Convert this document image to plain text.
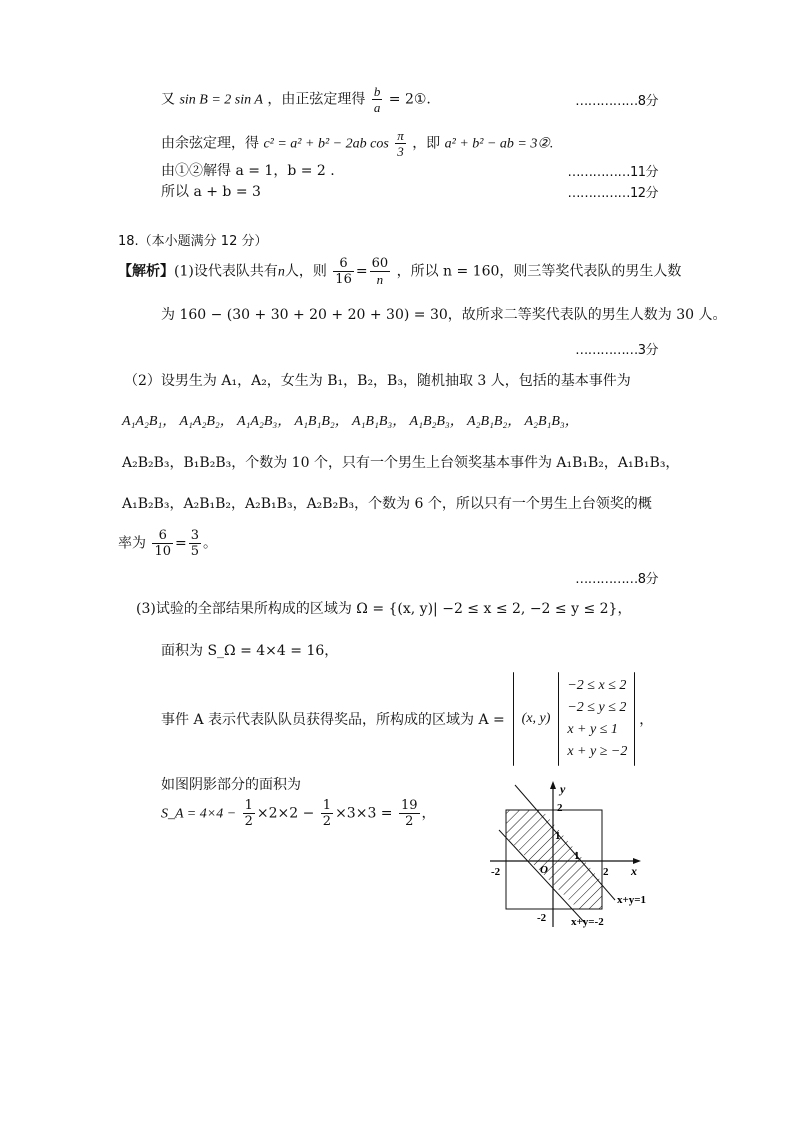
又 sin B = 2 sin A ，由正弦定理得 $\frac{b}{a}$ = 2①.	……………8分
由余弦定理，得 c² = a² + b² − 2ab $\cos \frac{\pi}{3}$ ，即 a² + b² − ab = 3②.
由①②解得 a = 1，b = 2 .	……………11分
所以 a + b = 3	……………12分
18.（本小题满分 12 分）
【解析】(1)设代表队共有n人，则 $\frac{6}{16} = \frac{60}{n}$ ，所以 n = 160，则三等奖代表队的男生人数
为 160 − (30 + 30 + 20 + 20 + 30) = 30，故所求二等奖代表队的男生人数为 30 人。
……………3分
（2）设男生为 A₁，A₂，女生为 B₁，B₂，B₃，随机抽取 3 人，包括的基本事件为
A₁A₂B₁， A₁A₂B₂， A₁A₂B₃， A₁B₁B₂， A₁B₁B₃， A₁B₂B₃， A₂B₁B₂， A₂B₁B₃，
A₂B₂B₃，B₁B₂B₃，个数为 10 个，只有一个男生上台领奖基本事件为 A₁B₁B₂，A₁B₁B₃，
A₁B₂B₃，A₂B₁B₂，A₂B₁B₃，A₂B₂B₃，个数为 6 个，所以只有一个男生上台领奖的概
率为 $\frac{6}{10} = \frac{3}{5}$ 。
……………8分
(3)试验的全部结果所构成的区域为 Ω = {(x, y)| −2 ≤ x ≤ 2, −2 ≤ y ≤ 2}，
面积为 S_Ω = 4×4 = 16，
事件 A 表示代表队队员获得奖品，所构成的区域为 A = (x, y)
−2 ≤ x ≤ 2
−2 ≤ y ≤ 2
x + y ≤ 1
x + y ≥ −2
，
如图阴影部分的面积为
S_A = $4\times 4 - \frac{1}{2} \times 2\times 2 - \frac{1}{2} \times 3\times 3 = \frac{19}{2}$ ，
y
x
2
1
1
-2	O	2
-2
x+y=1
x+y=-2
